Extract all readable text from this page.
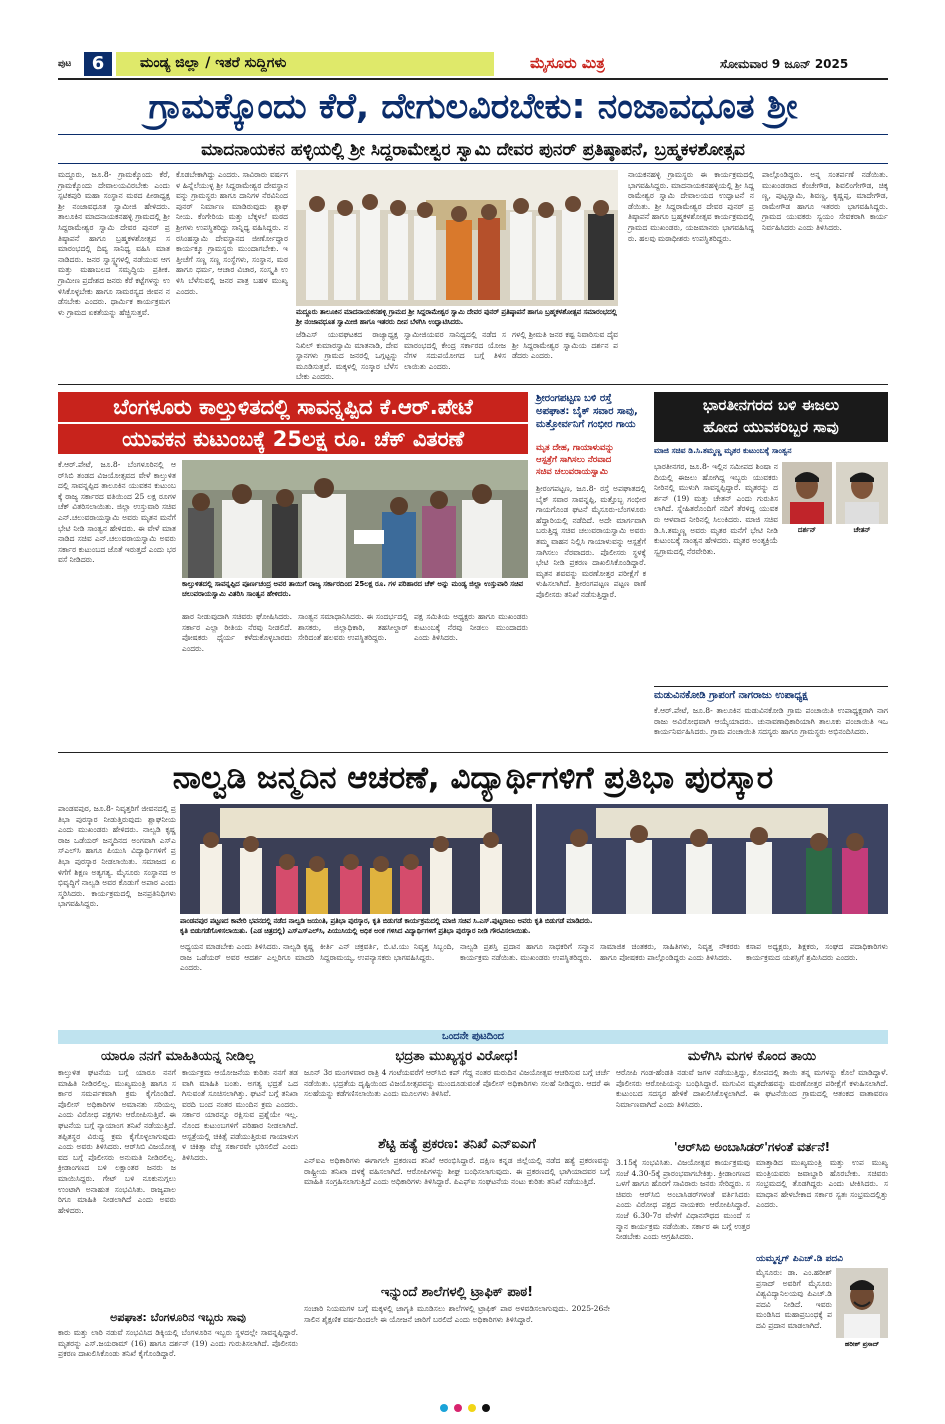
ಪುಟ	6	ಮಂಡ್ಯ ಜಿಲ್ಲಾ / ಇತರೆ ಸುದ್ದಿಗಳು	ಮೈಸೂರು ಮಿತ್ರ	ಸೋಮವಾರ 9 ಜೂನ್ 2025
ಗ್ರಾಮಕ್ಕೊಂದು ಕೆರೆ, ದೇಗುಲವಿರಬೇಕು: ನಂಜಾವಧೂತ ಶ್ರೀ
ಮಾದನಾಯಕನ ಹಳ್ಳಿಯಲ್ಲಿ ಶ್ರೀ ಸಿದ್ದರಾಮೇಶ್ವರ ಸ್ವಾಮಿ ದೇವರ ಪುನರ್ ಪ್ರತಿಷ್ಠಾಪನೆ, ಬ್ರಹ್ಮಕಳಶೋತ್ಸವ
ಮದ್ದೂರು, ಜೂ.8- ಗ್ರಾಮಕ್ಕೊಂದು ಕೆರೆ, ಗ್ರಾಮಕ್ಕೊಂದು ದೇವಾಲಯವಿರಬೇಕು ಎಂದು ಸ್ಪಟಿಕಪುರಿ ಮಹಾ ಸಂಸ್ಥಾನ ಮಠದ ಪೀಠಾಧ್ಯಕ್ಷ ಶ್ರೀ ನಂಜಾವಧೂತ ಸ್ವಾಮೀಜಿ ಹೇಳಿದರು. ತಾಲೂಕಿನ ಮಾದನಾಯಕನಹಳ್ಳಿ ಗ್ರಾಮದಲ್ಲಿ ಶ್ರೀ ಸಿದ್ದರಾಮೇಶ್ವರ ಸ್ವಾಮಿ ದೇವರ ಪುನರ್ ಪ್ರತಿಷ್ಠಾಪನೆ ಹಾಗೂ ಬ್ರಹ್ಮಕಳಶೋತ್ಸವ ಸಮಾರಂಭದಲ್ಲಿ ದಿವ್ಯ ಸಾನಿಧ್ಯ ವಹಿಸಿ ಮಾತನಾಡಿದರು. ಜನರ ಸ್ವಾಸ್ಥ್ಯಗಳಲ್ಲಿ ನಡೆಯುವ ಆಗ ಮತ್ತು ಮಹಾಬಲದ ಸಮೃದ್ಧಿಯ ಪ್ರತೀಕ. ಗ್ರಾಮೀಣ ಪ್ರದೇಶದ ಜನರು ಕೆರೆ ಕಟ್ಟೆಗಳನ್ನು ಉಳಿಸಿಕೊಳ್ಳಬೇಕು ಹಾಗೂ ಸಾಮರಸ್ಯದ ಜೀವನ ನಡೆಸಬೇಕು ಎಂದರು. ಧಾರ್ಮಿಕ ಕಾರ್ಯಕ್ರಮಗಳು ಗ್ರಾಮದ ಏಕತೆಯನ್ನು ಹೆಚ್ಚಿಸುತ್ತವೆ.
ಕೊಡಬೇಕಾಗಿದ್ದು ಎಂದರು. ಸಾವಿರಾರು ವರ್ಷಗಳ ಹಿನ್ನೆಲೆಯುಳ್ಳ ಶ್ರೀ ಸಿದ್ದರಾಮೇಶ್ವರ ದೇವಸ್ಥಾನವನ್ನು ಗ್ರಾಮಸ್ಥರು ಹಾಗೂ ದಾನಿಗಳ ನೆರವಿನಿಂದ ಪುನರ್ ನಿರ್ಮಾಣ ಮಾಡಿರುವುದು ಶ್ಲಾಘನೀಯ. ಕೆಂಗೇರಿಯ ಮತ್ತು ಬೆಕ್ಕಳಲೆ ಮಠದ ಶ್ರೀಗಳು ಉಪಸ್ಥಿತರಿದ್ದು ಸಾನ್ನಿಧ್ಯ ವಹಿಸಿದ್ದರು. ನರಸಿಂಹಸ್ವಾಮಿ ದೇವಸ್ಥಾನದ ಜೀರ್ಣೋದ್ಧಾರ ಕಾರ್ಯಕ್ಕೂ ಗ್ರಾಮಸ್ಥರು ಮುಂದಾಗಬೇಕು. ಇತ್ತೀಚೆಗೆ ಸಣ್ಣ ಸಣ್ಣ ಸಂಸ್ಥೆಗಳು, ಸಂಸ್ಥಾನ, ಮಠ ಹಾಗೂ ಧರ್ಮ, ಆಚಾರ ವಿಚಾರ, ಸಂಸ್ಕೃತಿ ಉಳಿಸಿ ಬೆಳೆಸುವಲ್ಲಿ ಜನರ ಪಾತ್ರ ಬಹಳ ಮುಖ್ಯ ಎಂದರು.
ಮದ್ದೂರು ತಾಲೂಕಿನ ಮಾದನಾಯಕನಹಳ್ಳಿ ಗ್ರಾಮದ ಶ್ರೀ ಸಿದ್ದರಾಮೇಶ್ವರ ಸ್ವಾಮಿ ದೇವರ ಪುನರ್ ಪ್ರತಿಷ್ಠಾಪನೆ ಹಾಗೂ ಬ್ರಹ್ಮಕಳಶೋತ್ಸವ ಸಮಾರಂಭದಲ್ಲಿ ಶ್ರೀ ನಂಜಾವಧೂತ ಸ್ವಾಮೀಜಿ ಹಾಗೂ ಇತರರು ದೀಪ ಬೆಳಗಿಸಿ ಉದ್ಘಾಟಿಸಿದರು.
ಜೆಡಿಎಸ್ ಯುವಘಟಕದ ರಾಜ್ಯಾಧ್ಯಕ್ಷ ನಿಖಿಲ್ ಕುಮಾರಸ್ವಾಮಿ ಮಾತನಾಡಿ, ದೇವಸ್ಥಾನಗಳು ಗ್ರಾಮದ ಜನರಲ್ಲಿ ಒಗ್ಗಟ್ಟನ್ನು ಮೂಡಿಸುತ್ತವೆ. ಮಕ್ಕಳಲ್ಲಿ ಸಂಸ್ಕಾರ ಬೆಳೆಸಬೇಕು ಎಂದರು.
ಸ್ವಾಮೀಜಿಯವರ ಸಾನಿಧ್ಯದಲ್ಲಿ ನಡೆದ ಸಮಾರಂಭದಲ್ಲಿ ಕೇಂದ್ರ ಸರ್ಕಾರದ ಯೋಜನೆಗಳ ಸದುಪಯೋಗದ ಬಗ್ಗೆ ತಿಳಿಸಲಾಯಿತು ಎಂದರು.
ಗಳಲ್ಲಿ ಶ್ರೀಮತಿ ಜನರ ಕಷ್ಟ ನಿವಾರಿಸುವ ದೈವ ಶ್ರೀ ಸಿದ್ದರಾಮೇಶ್ವರ ಸ್ವಾಮಿಯ ದರ್ಶನ ಪಡೆದರು ಎಂದರು.
ನಾಯಕನಹಳ್ಳಿ ಗ್ರಾಮಸ್ಥರು ಈ ಕಾರ್ಯಕ್ರಮದಲ್ಲಿ ಭಾಗವಹಿಸಿದ್ದರು. ಮಾದನಾಯಕನಹಳ್ಳಿಯಲ್ಲಿ ಶ್ರೀ ಸಿದ್ದರಾಮೇಶ್ವರ ಸ್ವಾಮಿ ದೇವಾಲಯದ ಉದ್ಘಾಟನೆ ನಡೆಯಿತು. ಶ್ರೀ ಸಿದ್ದರಾಮೇಶ್ವರ ದೇವರ ಪುನರ್ ಪ್ರತಿಷ್ಠಾಪನೆ ಹಾಗೂ ಬ್ರಹ್ಮಕಳಶೋತ್ಸವ ಕಾರ್ಯಕ್ರಮದಲ್ಲಿ ಗ್ರಾಮದ ಮುಖಂಡರು, ಯಜಮಾನರು ಭಾಗವಹಿಸಿದ್ದರು. ಹಲವು ಮಠಾಧೀಶರು ಉಪಸ್ಥಿತರಿದ್ದರು.
ಪಾಲ್ಗೊಂಡಿದ್ದರು. ಅನ್ನ ಸಂತರ್ಪಣೆ ನಡೆಯಿತು. ಮುಖಂಡರಾದ ಕೆಂಚೇಗೌಡ, ಶಿವಲಿಂಗೇಗೌಡ, ಚಿಕ್ಕಣ್ಣ, ಪುಟ್ಟಸ್ವಾಮಿ, ಶಿವಣ್ಣ, ಕೃಷ್ಣಪ್ಪ, ಮಾದೇಗೌಡ, ರಾಮೇಗೌಡ ಹಾಗೂ ಇತರರು ಭಾಗವಹಿಸಿದ್ದರು. ಗ್ರಾಮದ ಯುವಕರು ಸ್ವಯಂ ಸೇವಕರಾಗಿ ಕಾರ್ಯನಿರ್ವಹಿಸಿದರು ಎಂದು ತಿಳಿಸಿದರು.
ಬೆಂಗಳೂರು ಕಾಲ್ತುಳಿತದಲ್ಲಿ ಸಾವನ್ನಪ್ಪಿದ ಕೆ.ಆರ್.ಪೇಟೆ
ಯುವಕನ ಕುಟುಂಬಕ್ಕೆ 25ಲಕ್ಷ ರೂ. ಚೆಕ್ ವಿತರಣೆ
ಕೆ.ಆರ್.ಪೇಟೆ, ಜೂ.8- ಬೆಂಗಳೂರಿನಲ್ಲಿ ಆರ್‌ಸಿಬಿ ತಂಡದ ವಿಜಯೋತ್ಸವದ ವೇಳೆ ಕಾಲ್ತುಳಿತದಲ್ಲಿ ಸಾವನ್ನಪ್ಪಿದ ತಾಲೂಕಿನ ಯುವಕನ ಕುಟುಂಬಕ್ಕೆ ರಾಜ್ಯ ಸರ್ಕಾರದ ವತಿಯಿಂದ 25 ಲಕ್ಷ ರೂಗಳ ಚೆಕ್ ವಿತರಿಸಲಾಯಿತು. ಜಿಲ್ಲಾ ಉಸ್ತುವಾರಿ ಸಚಿವ ಎನ್.ಚಲುವರಾಯಸ್ವಾಮಿ ಅವರು ಮೃತನ ಮನೆಗೆ ಭೇಟಿ ನೀಡಿ ಸಾಂತ್ವನ ಹೇಳಿದರು. ಈ ವೇಳೆ ಮಾತನಾಡಿದ ಸಚಿವ ಎನ್.ಚಲುವರಾಯಸ್ವಾಮಿ ಅವರು ಸರ್ಕಾರ ಕುಟುಂಬದ ಜೊತೆ ಇರುತ್ತದೆ ಎಂದು ಭರವಸೆ ನೀಡಿದರು.
ಕಾಲ್ತುಳಿತದಲ್ಲಿ ಸಾವನ್ನಪ್ಪಿದ ಪೂರ್ಣಚಂದ್ರ ಅವರ ತಾಯಿಗೆ ರಾಜ್ಯ ಸರ್ಕಾರದಿಂದ 25ಲಕ್ಷ ರೂ. ಗಳ ಪರಿಹಾರದ ಚೆಕ್ ಅನ್ನು ಮಂಡ್ಯ ಜಿಲ್ಲಾ ಉಸ್ತುವಾರಿ ಸಚಿವ ಚಲುವರಾಯಸ್ವಾಮಿ ವಿತರಿಸಿ ಸಾಂತ್ವನ ಹೇಳಿದರು.
ಹಾರ ನೀಡುವುದಾಗಿ ಸಚಿವರು ಘೋಷಿಸಿದರು. ಸರ್ಕಾರ ಎಲ್ಲಾ ರೀತಿಯ ನೆರವು ನೀಡಲಿದೆ. ಪೋಷಕರು ಧೈರ್ಯ ಕಳೆದುಕೊಳ್ಳಬಾರದು ಎಂದರು.
ಸಾಂತ್ವನ ಸಮಾಧಾನಿಸಿದರು. ಈ ಸಂದರ್ಭದಲ್ಲಿ ಶಾಸಕರು, ಜಿಲ್ಲಾಧಿಕಾರಿ, ತಹಸೀಲ್ದಾರ್ ಸೇರಿದಂತೆ ಹಲವರು ಉಪಸ್ಥಿತರಿದ್ದರು.
ಪಕ್ಷ ಸಮಿತಿಯ ಅಧ್ಯಕ್ಷರು ಹಾಗೂ ಮುಖಂಡರು ಕುಟುಂಬಕ್ಕೆ ನೆರವು ನೀಡಲು ಮುಂದಾದರು ಎಂದು ತಿಳಿಸಿದರು.
ಶ್ರೀರಂಗಪಟ್ಟಣ ಬಳಿ ರಸ್ತೆ
ಅಪಘಾತ: ಬೈಕ್ ಸವಾರ ಸಾವು,
ಮತ್ತೋರ್ವನಿಗೆ ಗಂಭೀರ ಗಾಯ
ಮೃತ ದೇಹ, ಗಾಯಾಳುವನ್ನು
ಆಸ್ಪತ್ರೆಗೆ ಸಾಗಿಸಲು ನೆರವಾದ
ಸಚಿವ ಚಲುವರಾಯಸ್ವಾಮಿ
ಶ್ರೀರಂಗಪಟ್ಟಣ, ಜೂ.8- ರಸ್ತೆ ಅಪಘಾತದಲ್ಲಿ ಬೈಕ್ ಸವಾರ ಸಾವನ್ನಪ್ಪಿ, ಮತ್ತೊಬ್ಬ ಗಂಭೀರ ಗಾಯಗೊಂಡ ಘಟನೆ ಮೈಸೂರು-ಬೆಂಗಳೂರು ಹೆದ್ದಾರಿಯಲ್ಲಿ ನಡೆದಿದೆ. ಅದೇ ಮಾರ್ಗವಾಗಿ ಬರುತ್ತಿದ್ದ ಸಚಿವ ಚಲುವರಾಯಸ್ವಾಮಿ ಅವರು ತಮ್ಮ ವಾಹನ ನಿಲ್ಲಿಸಿ ಗಾಯಾಳುವನ್ನು ಆಸ್ಪತ್ರೆಗೆ ಸಾಗಿಸಲು ನೆರವಾದರು. ಪೊಲೀಸರು ಸ್ಥಳಕ್ಕೆ ಭೇಟಿ ನೀಡಿ ಪ್ರಕರಣ ದಾಖಲಿಸಿಕೊಂಡಿದ್ದಾರೆ. ಮೃತನ ಶವವನ್ನು ಮರಣೋತ್ತರ ಪರೀಕ್ಷೆಗೆ ಕಳುಹಿಸಲಾಗಿದೆ. ಶ್ರೀರಂಗಪಟ್ಟಣ ಪಟ್ಟಣ ಠಾಣೆ ಪೊಲೀಸರು ತನಿಖೆ ನಡೆಸುತ್ತಿದ್ದಾರೆ.
ಭಾರತೀನಗರದ ಬಳಿ ಈಜಲು
ಹೋದ ಯುವಕರಿಬ್ಬರ ಸಾವು
ಮಾಜಿ ಸಚಿವ ಡಿ.ಸಿ.ತಮ್ಮಣ್ಣ ಮೃತರ ಕುಟುಂಬಕ್ಕೆ ಸಾಂತ್ವನ
ಭಾರತೀನಗರ, ಜೂ.8- ಇಲ್ಲಿನ ಸಮೀಪದ ಶಿಂಷಾ ನದಿಯಲ್ಲಿ ಈಜಲು ಹೋಗಿದ್ದ ಇಬ್ಬರು ಯುವಕರು ನೀರಿನಲ್ಲಿ ಮುಳುಗಿ ಸಾವನ್ನಪ್ಪಿದ್ದಾರೆ. ಮೃತರನ್ನು ದರ್ಶನ್ (19) ಮತ್ತು ಚೇತನ್ ಎಂದು ಗುರುತಿಸಲಾಗಿದೆ. ಸ್ನೇಹಿತರೊಂದಿಗೆ ನದಿಗೆ ತೆರಳಿದ್ದ ಯುವಕರು ಆಳವಾದ ನೀರಿನಲ್ಲಿ ಸಿಲುಕಿದರು. ಮಾಜಿ ಸಚಿವ ಡಿ.ಸಿ.ತಮ್ಮಣ್ಣ ಅವರು ಮೃತರ ಮನೆಗೆ ಭೇಟಿ ನೀಡಿ ಕುಟುಂಬಕ್ಕೆ ಸಾಂತ್ವನ ಹೇಳಿದರು. ಮೃತರ ಅಂತ್ಯಕ್ರಿಯೆ ಸ್ವಗ್ರಾಮದಲ್ಲಿ ನೆರವೇರಿತು.
ದರ್ಶನ್	ಚೇತನ್
ಮಡುವಿನಕೋಡಿ ಗ್ರಾಪಂಗೆ ನಾಗರಾಜು ಉಪಾಧ್ಯಕ್ಷ
ಕೆ.ಆರ್.ಪೇಟೆ, ಜೂ.8- ತಾಲೂಕಿನ ಮಡುವಿನಕೋಡಿ ಗ್ರಾಮ ಪಂಚಾಯಿತಿ ಉಪಾಧ್ಯಕ್ಷರಾಗಿ ನಾಗರಾಜು ಅವಿರೋಧವಾಗಿ ಆಯ್ಕೆಯಾದರು. ಚುನಾವಣಾಧಿಕಾರಿಯಾಗಿ ತಾಲೂಕು ಪಂಚಾಯಿತಿ ಇಒ ಕಾರ್ಯನಿರ್ವಹಿಸಿದರು. ಗ್ರಾಮ ಪಂಚಾಯಿತಿ ಸದಸ್ಯರು ಹಾಗೂ ಗ್ರಾಮಸ್ಥರು ಅಭಿನಂದಿಸಿದರು.
ನಾಲ್ವಡಿ ಜನ್ಮದಿನ ಆಚರಣೆ, ವಿದ್ಯಾರ್ಥಿಗಳಿಗೆ ಪ್ರತಿಭಾ ಪುರಸ್ಕಾರ
ಪಾಂಡವಪುರ, ಜೂ.8- ನಿವೃತ್ತರಿಗೆ ಜೀವನದಲ್ಲಿ ಪ್ರತಿಭಾ ಪುರಸ್ಕಾರ ನೀಡುತ್ತಿರುವುದು ಶ್ಲಾಘನೀಯ ಎಂದು ಮುಖಂಡರು ಹೇಳಿದರು. ನಾಲ್ವಡಿ ಕೃಷ್ಣರಾಜ ಒಡೆಯರ್ ಜನ್ಮದಿನದ ಅಂಗವಾಗಿ ಎಸ್ಎಸ್ಎಲ್‌ಸಿ ಹಾಗೂ ಪಿಯುಸಿ ವಿದ್ಯಾರ್ಥಿಗಳಿಗೆ ಪ್ರತಿಭಾ ಪುರಸ್ಕಾರ ನೀಡಲಾಯಿತು. ಸಮಾಜದ ಏಳಿಗೆಗೆ ಶಿಕ್ಷಣ ಅತ್ಯಗತ್ಯ. ಮೈಸೂರು ಸಂಸ್ಥಾನದ ಅಭಿವೃದ್ಧಿಗೆ ನಾಲ್ವಡಿ ಅವರ ಕೊಡುಗೆ ಅಪಾರ ಎಂದು ಸ್ಮರಿಸಿದರು. ಕಾರ್ಯಕ್ರಮದಲ್ಲಿ ಜನಪ್ರತಿನಿಧಿಗಳು ಭಾಗವಹಿಸಿದ್ದರು.
ಪಾಂಡವಪುರ ಪಟ್ಟಣದ ಕಾವೇರಿ ಭವನದಲ್ಲಿ ನಡೆದ ನಾಲ್ವಡಿ ಜಯಂತಿ, ಪ್ರತಿಭಾ ಪುರಸ್ಕಾರ, ಕೃತಿ ಬಿಡುಗಡೆ ಕಾರ್ಯಕ್ರಮದಲ್ಲಿ ಮಾಜಿ ಸಚಿವ ಸಿ.ಎಸ್.ಪುಟ್ಟರಾಜು ಅವರು ಕೃತಿ ಬಿಡುಗಡೆ ಮಾಡಿದರು.
ಕೃತಿ ಬಿಡುಗಡೆಗೊಳಿಸಲಾಯಿತು. (ಎಡ ಚಿತ್ರದಲ್ಲಿ) ಎಸ್ಎಸ್ಎಲ್‌ಸಿ, ಪಿಯುಸಿಯಲ್ಲಿ ಅಧಿಕ ಅಂಕ ಗಳಿಸಿದ ವಿದ್ಯಾರ್ಥಿಗಳಿಗೆ ಪ್ರತಿಭಾ ಪುರಸ್ಕಾರ ನೀಡಿ ಗೌರವಿಸಲಾಯಿತು.
ಅಧ್ಯಯನ ಮಾಡಬೇಕು ಎಂದು ತಿಳಿಸಿದರು. ನಾಲ್ವಡಿ ಕೃಷ್ಣರಾಜ ಒಡೆಯರ್ ಅವರ ಆದರ್ಶ ಎಲ್ಲರಿಗೂ ಮಾದರಿ ಎಂದರು.
ಕೀರ್ತಿ ಎನ್ ಚಕ್ರವರ್ತಿ, ಬಿ.ಟಿ.ಯು ನಿವೃತ್ತ ಸಿಬ್ಬಂದಿ, ಸಿದ್ದರಾಮಯ್ಯ, ಉಪನ್ಯಾಸಕರು ಭಾಗವಹಿಸಿದ್ದರು.
ನಾಲ್ವಡಿ ಪ್ರಶಸ್ತಿ ಪ್ರದಾನ ಹಾಗೂ ಸಾಧಕರಿಗೆ ಸನ್ಮಾನ ಕಾರ್ಯಕ್ರಮ ನಡೆಯಿತು. ಮುಖಂಡರು ಉಪಸ್ಥಿತರಿದ್ದರು.
ಸಾಮಾಜಿಕ ಚಿಂತಕರು, ಸಾಹಿತಿಗಳು, ನಿವೃತ್ತ ನೌಕರರು ಹಾಗೂ ಪೋಷಕರು ಪಾಲ್ಗೊಂಡಿದ್ದರು ಎಂದು ತಿಳಿಸಿದರು.
ಕಸಾಪ ಅಧ್ಯಕ್ಷರು, ಶಿಕ್ಷಕರು, ಸಂಘದ ಪದಾಧಿಕಾರಿಗಳು ಕಾರ್ಯಕ್ರಮದ ಯಶಸ್ಸಿಗೆ ಶ್ರಮಿಸಿದರು ಎಂದರು.
ಒಂದನೇ ಪುಟದಿಂದ
ಯಾರೂ ನನಗೆ ಮಾಹಿತಿಯನ್ನ ನೀಡಿಲ್ಲ
ಕಾಲ್ತುಳಿತ ಘಟನೆಯ ಬಗ್ಗೆ ಯಾರೂ ನನಗೆ ಮಾಹಿತಿ ನೀಡಿರಲಿಲ್ಲ. ಮುಖ್ಯಮಂತ್ರಿ ಹಾಗೂ ಸರ್ಕಾರ ಸಮರ್ಪಕವಾಗಿ ಕ್ರಮ ಕೈಗೊಂಡಿದೆ. ಪೊಲೀಸ್ ಅಧಿಕಾರಿಗಳ ಅಮಾನತು ಸರಿಯಲ್ಲ ಎಂದು ವಿರೋಧ ಪಕ್ಷಗಳು ಆರೋಪಿಸುತ್ತಿವೆ. ಈ ಘಟನೆಯ ಬಗ್ಗೆ ನ್ಯಾಯಾಂಗ ತನಿಖೆ ನಡೆಯುತ್ತಿದೆ. ತಪ್ಪಿತಸ್ಥರ ವಿರುದ್ಧ ಕ್ರಮ ಕೈಗೊಳ್ಳಲಾಗುವುದು ಎಂದು ಅವರು ತಿಳಿಸಿದರು. ಆರ್‌ಸಿಬಿ ವಿಜಯೋತ್ಸವದ ಬಗ್ಗೆ ಪೊಲೀಸರು ಅನುಮತಿ ನೀಡಿರಲಿಲ್ಲ. ಕ್ರೀಡಾಂಗಣದ ಬಳಿ ಲಕ್ಷಾಂತರ ಜನರು ಜಮಾಯಿಸಿದ್ದರು. ಗೇಟ್ ಬಳಿ ನೂಕುನುಗ್ಗಲು ಉಂಟಾಗಿ ಅನಾಹುತ ಸಂಭವಿಸಿತು. ರಾಜ್ಯಪಾಲರಿಗೂ ಮಾಹಿತಿ ನೀಡಲಾಗಿದೆ ಎಂದು ಅವರು ಹೇಳಿದರು.
ಕಾರ್ಯಕ್ರಮ ಆಯೋಜನೆಯ ಕುರಿತು ನನಗೆ ತಡವಾಗಿ ಮಾಹಿತಿ ಬಂತು. ಅಗತ್ಯ ಭದ್ರತೆ ಒದಗಿಸುವಂತೆ ಸೂಚಿಸಲಾಗಿತ್ತು. ಘಟನೆ ಬಗ್ಗೆ ತನಿಖಾ ವರದಿ ಬಂದ ನಂತರ ಮುಂದಿನ ಕ್ರಮ ಎಂದರು. ಸರ್ಕಾರ ಯಾರನ್ನೂ ರಕ್ಷಿಸುವ ಪ್ರಶ್ನೆಯೇ ಇಲ್ಲ. ನೊಂದ ಕುಟುಂಬಗಳಿಗೆ ಪರಿಹಾರ ನೀಡಲಾಗಿದೆ. ಆಸ್ಪತ್ರೆಯಲ್ಲಿ ಚಿಕಿತ್ಸೆ ಪಡೆಯುತ್ತಿರುವ ಗಾಯಾಳುಗಳ ಚಿಕಿತ್ಸಾ ವೆಚ್ಚ ಸರ್ಕಾರವೇ ಭರಿಸಲಿದೆ ಎಂದು ತಿಳಿಸಿದರು.
ಅಪಘಾತ: ಬೆಂಗಳೂರಿನ ಇಬ್ಬರು ಸಾವು
ಕಾರು ಮತ್ತು ಲಾರಿ ನಡುವೆ ಸಂಭವಿಸಿದ ಡಿಕ್ಕಿಯಲ್ಲಿ ಬೆಂಗಳೂರಿನ ಇಬ್ಬರು ಸ್ಥಳದಲ್ಲೇ ಸಾವನ್ನಪ್ಪಿದ್ದಾರೆ. ಮೃತರನ್ನು ಎಸ್.ಜಯರಾಮ್ (16) ಹಾಗೂ ದರ್ಶನ್ (19) ಎಂದು ಗುರುತಿಸಲಾಗಿದೆ. ಪೊಲೀಸರು ಪ್ರಕರಣ ದಾಖಲಿಸಿಕೊಂಡು ತನಿಖೆ ಕೈಗೊಂಡಿದ್ದಾರೆ.
ಭದ್ರತಾ ಮುಖ್ಯಸ್ಥರ ವಿರೋಧ!
ಜೂನ್ 3ರ ಮಂಗಳವಾರ ರಾತ್ರಿ 4 ಗಂಟೆಯವರೆಗೆ ಆರ್‌ಸಿಬಿ ಕಪ್ ಗೆದ್ದ ನಂತರ ಮರುದಿನ ವಿಜಯೋತ್ಸವ ಆಚರಿಸುವ ಬಗ್ಗೆ ಚರ್ಚೆ ನಡೆಯಿತು. ಭದ್ರತೆಯ ದೃಷ್ಟಿಯಿಂದ ವಿಜಯೋತ್ಸವವನ್ನು ಮುಂದೂಡುವಂತೆ ಪೊಲೀಸ್ ಅಧಿಕಾರಿಗಳು ಸಲಹೆ ನೀಡಿದ್ದರು. ಆದರೆ ಈ ಸಲಹೆಯನ್ನು ಕಡೆಗಣಿಸಲಾಯಿತು ಎಂದು ಮೂಲಗಳು ತಿಳಿಸಿವೆ.
ಶೆಟ್ಟಿ ಹತ್ಯೆ ಪ್ರಕರಣ: ತನಿಖೆ ಎನ್‌ಐಎಗೆ
ಎನ್‌ಐಎ ಅಧಿಕಾರಿಗಳು ಈಗಾಗಲೇ ಪ್ರಕರಣದ ತನಿಖೆ ಆರಂಭಿಸಿದ್ದಾರೆ. ದಕ್ಷಿಣ ಕನ್ನಡ ಜಿಲ್ಲೆಯಲ್ಲಿ ನಡೆದ ಹತ್ಯೆ ಪ್ರಕರಣವನ್ನು ರಾಷ್ಟ್ರೀಯ ತನಿಖಾ ದಳಕ್ಕೆ ವಹಿಸಲಾಗಿದೆ. ಆರೋಪಿಗಳನ್ನು ಶೀಘ್ರ ಬಂಧಿಸಲಾಗುವುದು. ಈ ಪ್ರಕರಣದಲ್ಲಿ ಭಾಗಿಯಾದವರ ಬಗ್ಗೆ ಮಾಹಿತಿ ಸಂಗ್ರಹಿಸಲಾಗುತ್ತಿದೆ ಎಂದು ಅಧಿಕಾರಿಗಳು ತಿಳಿಸಿದ್ದಾರೆ. ಪಿಎಫ್ಐ ಸಂಘಟನೆಯ ನಂಟು ಕುರಿತು ತನಿಖೆ ನಡೆಯುತ್ತಿದೆ.
ಇನ್ನುಂದೆ ಶಾಲೆಗಳಲ್ಲಿ ಟ್ರಾಫಿಕ್ ಪಾಠ!
ಸಂಚಾರಿ ನಿಯಮಗಳ ಬಗ್ಗೆ ಮಕ್ಕಳಲ್ಲಿ ಜಾಗೃತಿ ಮೂಡಿಸಲು ಶಾಲೆಗಳಲ್ಲಿ ಟ್ರಾಫಿಕ್ ಪಾಠ ಅಳವಡಿಸಲಾಗುವುದು. 2025-26ನೇ ಸಾಲಿನ ಶೈಕ್ಷಣಿಕ ವರ್ಷದಿಂದಲೇ ಈ ಯೋಜನೆ ಜಾರಿಗೆ ಬರಲಿದೆ ಎಂದು ಅಧಿಕಾರಿಗಳು ತಿಳಿಸಿದ್ದಾರೆ.
ಮಳೆಗಿಸಿ ಮಗಳ ಕೊಂದ ತಾಯಿ
ಆರೋಪಿ ಗಂಡ-ಹೆಂಡತಿ ನಡುವೆ ಜಗಳ ನಡೆಯುತ್ತಿದ್ದು, ಕೋಪದಲ್ಲಿ ತಾಯಿ ತನ್ನ ಮಗಳನ್ನು ಕೊಲೆ ಮಾಡಿದ್ದಾಳೆ. ಪೊಲೀಸರು ಆರೋಪಿಯನ್ನು ಬಂಧಿಸಿದ್ದಾರೆ. ಮಗುವಿನ ಮೃತದೇಹವನ್ನು ಮರಣೋತ್ತರ ಪರೀಕ್ಷೆಗೆ ಕಳುಹಿಸಲಾಗಿದೆ. ಕುಟುಂಬದ ಸದಸ್ಯರ ಹೇಳಿಕೆ ದಾಖಲಿಸಿಕೊಳ್ಳಲಾಗಿದೆ. ಈ ಘಟನೆಯಿಂದ ಗ್ರಾಮದಲ್ಲಿ ಆತಂಕದ ವಾತಾವರಣ ನಿರ್ಮಾಣವಾಗಿದೆ ಎಂದು ತಿಳಿಸಿದರು.
'ಆರ್‌ಸಿಬಿ ಅಂಬಾಸಿಡರ್'ಗಳಂತೆ ವರ್ತನೆ!
3.15ಕ್ಕೆ ಸಂಭವಿಸಿತು. ವಿಜಯೋತ್ಸವ ಕಾರ್ಯಕ್ರಮವು ಸಂಜೆ 4.30-5ಕ್ಕೆ ಪ್ರಾರಂಭವಾಗಬೇಕಿತ್ತು. ಕ್ರೀಡಾಂಗಣದ ಒಳಗೆ ಹಾಗೂ ಹೊರಗೆ ಸಾವಿರಾರು ಜನರು ಸೇರಿದ್ದರು. ಸಚಿವರು ಆರ್‌ಸಿಬಿ ಅಂಬಾಸಿಡರ್‌ಗಳಂತೆ ವರ್ತಿಸಿದರು ಎಂದು ವಿರೋಧ ಪಕ್ಷದ ನಾಯಕರು ಆರೋಪಿಸಿದ್ದಾರೆ. ಸಂಜೆ 6.30-7ರ ವೇಳೆಗೆ ವಿಧಾನಸೌಧದ ಮುಂದೆ ಸನ್ಮಾನ ಕಾರ್ಯಕ್ರಮ ನಡೆಯಿತು. ಸರ್ಕಾರ ಈ ಬಗ್ಗೆ ಉತ್ತರ ನೀಡಬೇಕು ಎಂದು ಆಗ್ರಹಿಸಿದರು.
ಮಾತ್ತಾಡಿದ ಮುಖ್ಯಮಂತ್ರಿ ಮತ್ತು ಉಪ ಮುಖ್ಯಮಂತ್ರಿಯವರು ಜವಾಬ್ದಾರಿ ಹೊರಬೇಕು. ಸಚಿವರು ಸಂಭ್ರಮದಲ್ಲಿ ತೊಡಗಿದ್ದರು ಎಂದು ಟೀಕಿಸಿದರು. ಸಮಾಧಾನ ಹೇಳಬೇಕಾದ ಸರ್ಕಾರ ಸ್ವತಃ ಸಂಭ್ರಮದಲ್ಲಿತ್ತು ಎಂದರು.
ಯಮ್ಮಸ್ವಗ್ ಪಿಎಚ್.ಡಿ ಪದವಿ
ಮೈಸೂರು: ಡಾ. ಎಂ.ಹರೀಶ್ ಪ್ರಸಾದ್ ಅವರಿಗೆ ಮೈಸೂರು ವಿಶ್ವವಿದ್ಯಾನಿಲಯವು ಪಿಎಚ್.ಡಿ ಪದವಿ ನೀಡಿದೆ. ಇವರು ಮಂಡಿಸಿದ ಮಹಾಪ್ರಬಂಧಕ್ಕೆ ಪದವಿ ಪ್ರದಾನ ಮಾಡಲಾಗಿದೆ.
ಹರೀಶ್ ಪ್ರಸಾದ್
